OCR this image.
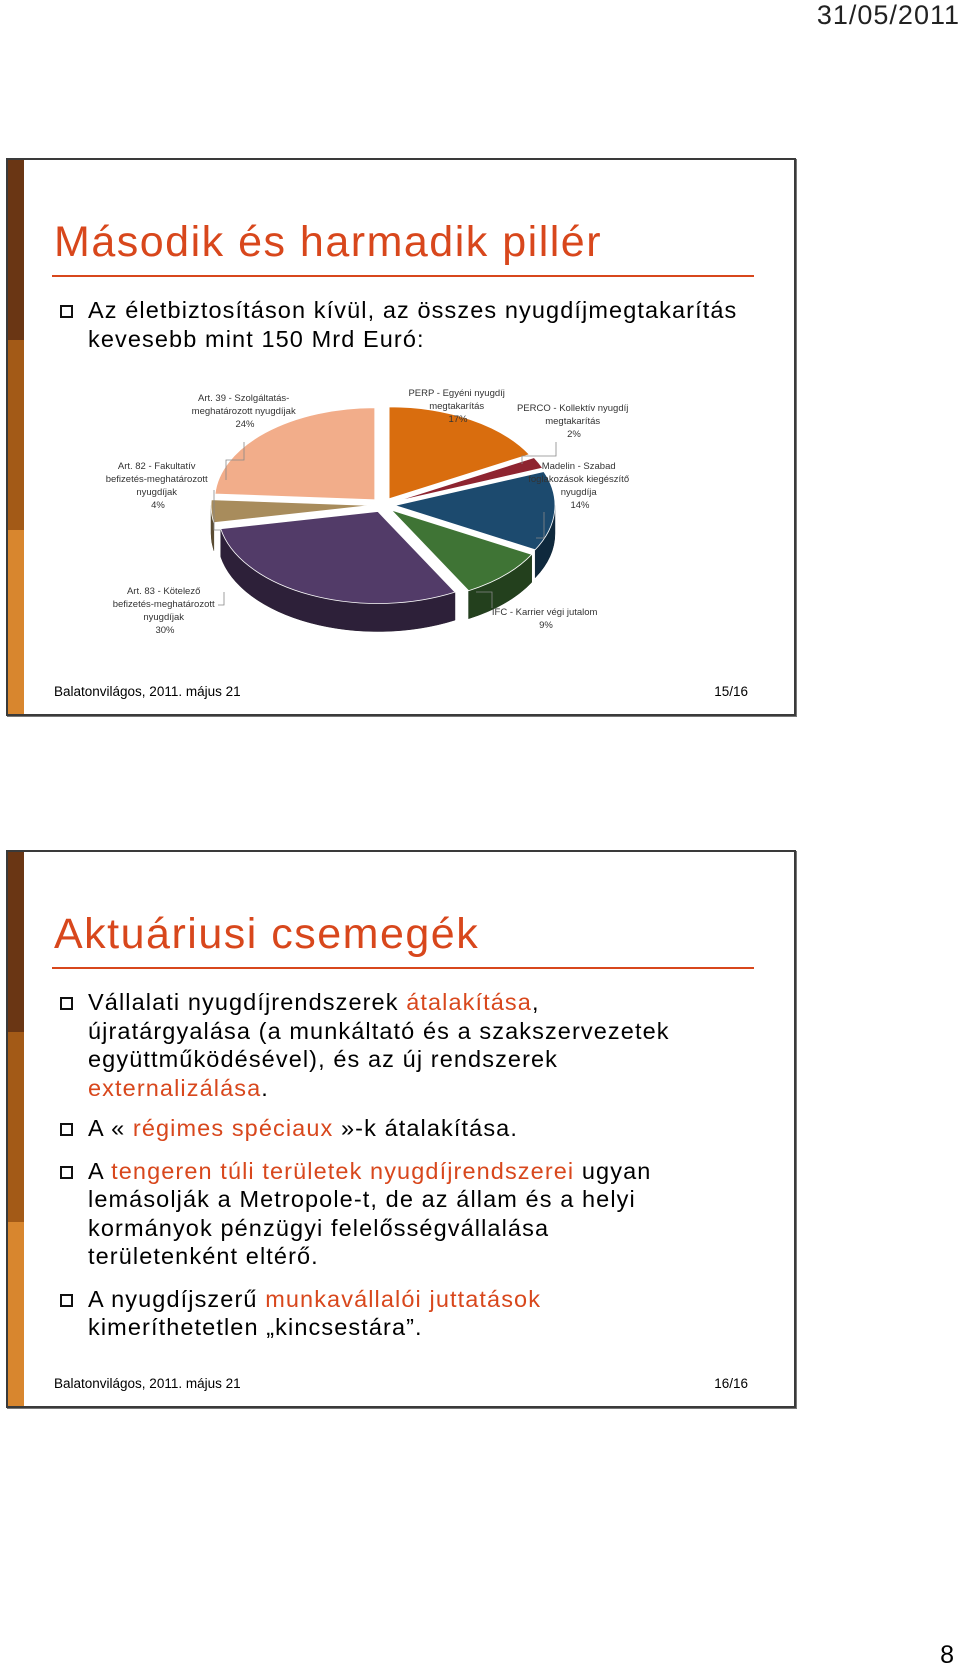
31/05/2011
Második és harmadik pillér
Az életbiztosításon kívül, az összes nyugdíjmegtakarítás kevesebb mint 150 Mrd Euró:
PERP - Egyéni nyugdíj megtakarítás 17%
PERCO - Kollektív nyugdíj megtakarítás 2%
Madelin - Szabad foglakozások kiegészítő nyugdíja 14%
IFC - Karrier végi jutalom 9%
Art. 83 - Kötelező befizetés-meghatározott nyugdíjak 30%
Art. 82 - Fakultatív befizetés-meghatározott nyugdíjak 4%
Art. 39 - Szolgáltatás- meghatározott nyugdíjak 24%
Balatonvilágos, 2011. május 21	15/16
Aktuáriusi csemegék
Vállalati nyugdíjrendszerek átalakítása,
újratárgyalása (a munkáltató és a szakszervezetek
együttműködésével), és az új rendszerek
externalizálása.
A « régimes spéciaux »-k átalakítása.
A tengeren túli területek nyugdíjrendszerei ugyan
lemásolják a Metropole-t, de az állam és a helyi
kormányok pénzügyi felelősségvállalása
területenként eltérő.
A nyugdíjszerű munkavállalói juttatások
kimeríthetetlen „kincsestára”.
Balatonvilágos, 2011. május 21	16/16
8
